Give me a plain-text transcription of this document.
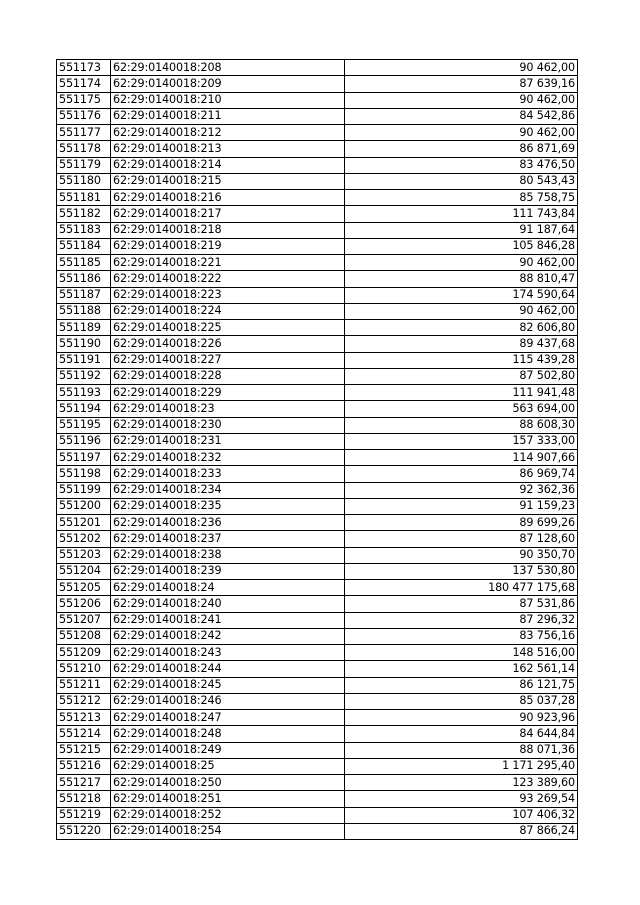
551173	62:29:0140018:208	90 462,00
551174	62:29:0140018:209	87 639,16
551175	62:29:0140018:210	90 462,00
551176	62:29:0140018:211	84 542,86
551177	62:29:0140018:212	90 462,00
551178	62:29:0140018:213	86 871,69
551179	62:29:0140018:214	83 476,50
551180	62:29:0140018:215	80 543,43
551181	62:29:0140018:216	85 758,75
551182	62:29:0140018:217	111 743,84
551183	62:29:0140018:218	91 187,64
551184	62:29:0140018:219	105 846,28
551185	62:29:0140018:221	90 462,00
551186	62:29:0140018:222	88 810,47
551187	62:29:0140018:223	174 590,64
551188	62:29:0140018:224	90 462,00
551189	62:29:0140018:225	82 606,80
551190	62:29:0140018:226	89 437,68
551191	62:29:0140018:227	115 439,28
551192	62:29:0140018:228	87 502,80
551193	62:29:0140018:229	111 941,48
551194	62:29:0140018:23	563 694,00
551195	62:29:0140018:230	88 608,30
551196	62:29:0140018:231	157 333,00
551197	62:29:0140018:232	114 907,66
551198	62:29:0140018:233	86 969,74
551199	62:29:0140018:234	92 362,36
551200	62:29:0140018:235	91 159,23
551201	62:29:0140018:236	89 699,26
551202	62:29:0140018:237	87 128,60
551203	62:29:0140018:238	90 350,70
551204	62:29:0140018:239	137 530,80
551205	62:29:0140018:24	180 477 175,68
551206	62:29:0140018:240	87 531,86
551207	62:29:0140018:241	87 296,32
551208	62:29:0140018:242	83 756,16
551209	62:29:0140018:243	148 516,00
551210	62:29:0140018:244	162 561,14
551211	62:29:0140018:245	86 121,75
551212	62:29:0140018:246	85 037,28
551213	62:29:0140018:247	90 923,96
551214	62:29:0140018:248	84 644,84
551215	62:29:0140018:249	88 071,36
551216	62:29:0140018:25	1 171 295,40
551217	62:29:0140018:250	123 389,60
551218	62:29:0140018:251	93 269,54
551219	62:29:0140018:252	107 406,32
551220	62:29:0140018:254	87 866,24
